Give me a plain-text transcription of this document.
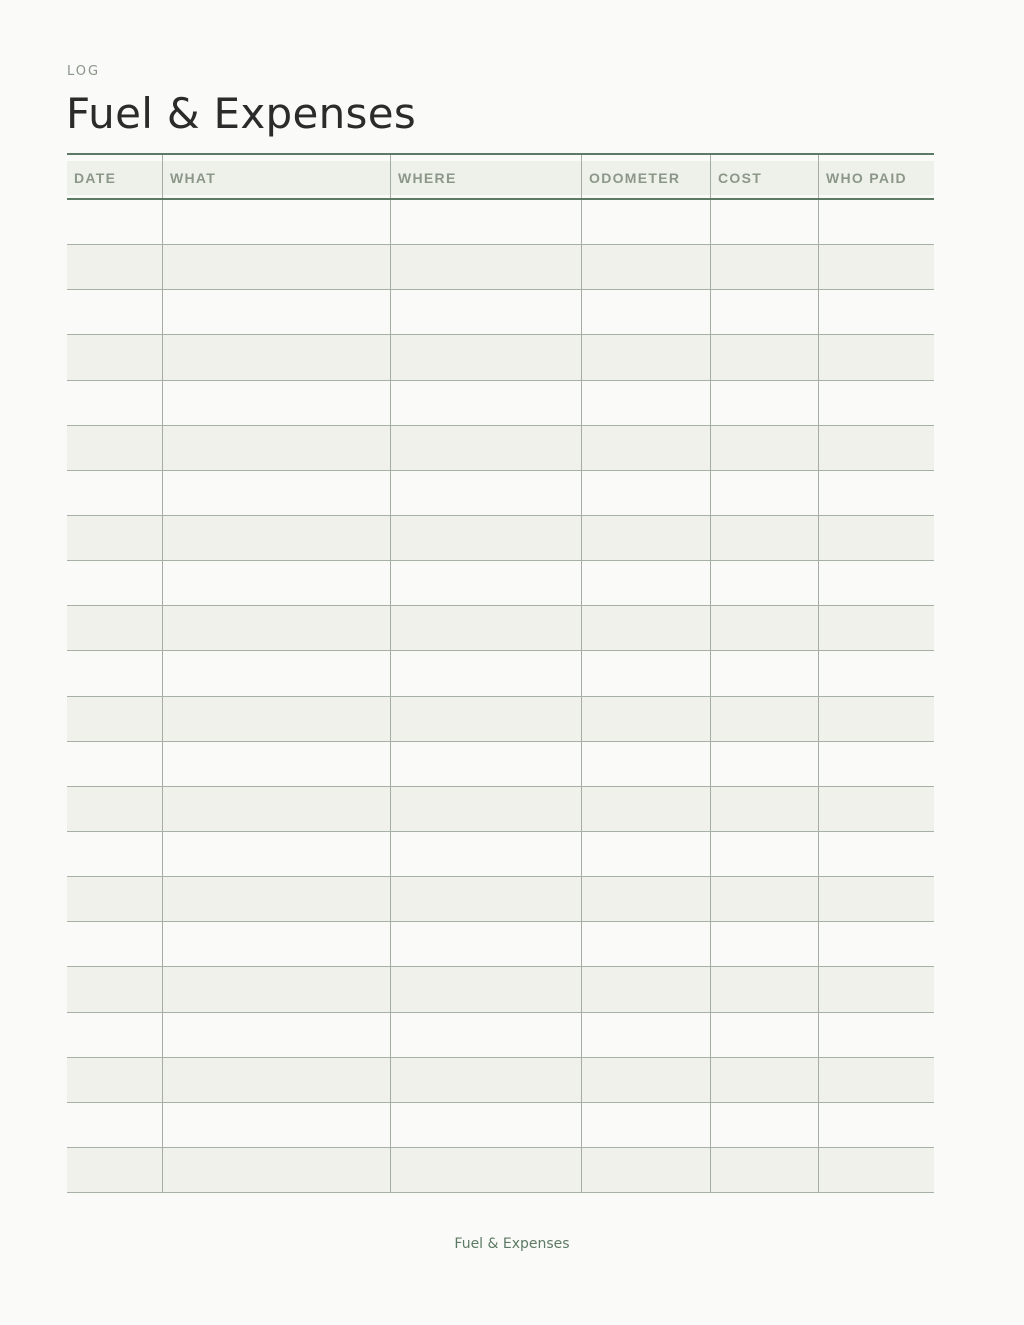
LOG
Fuel & Expenses
DATE	WHAT	WHERE	ODOMETER	COST	WHO PAID
Fuel & Expenses
